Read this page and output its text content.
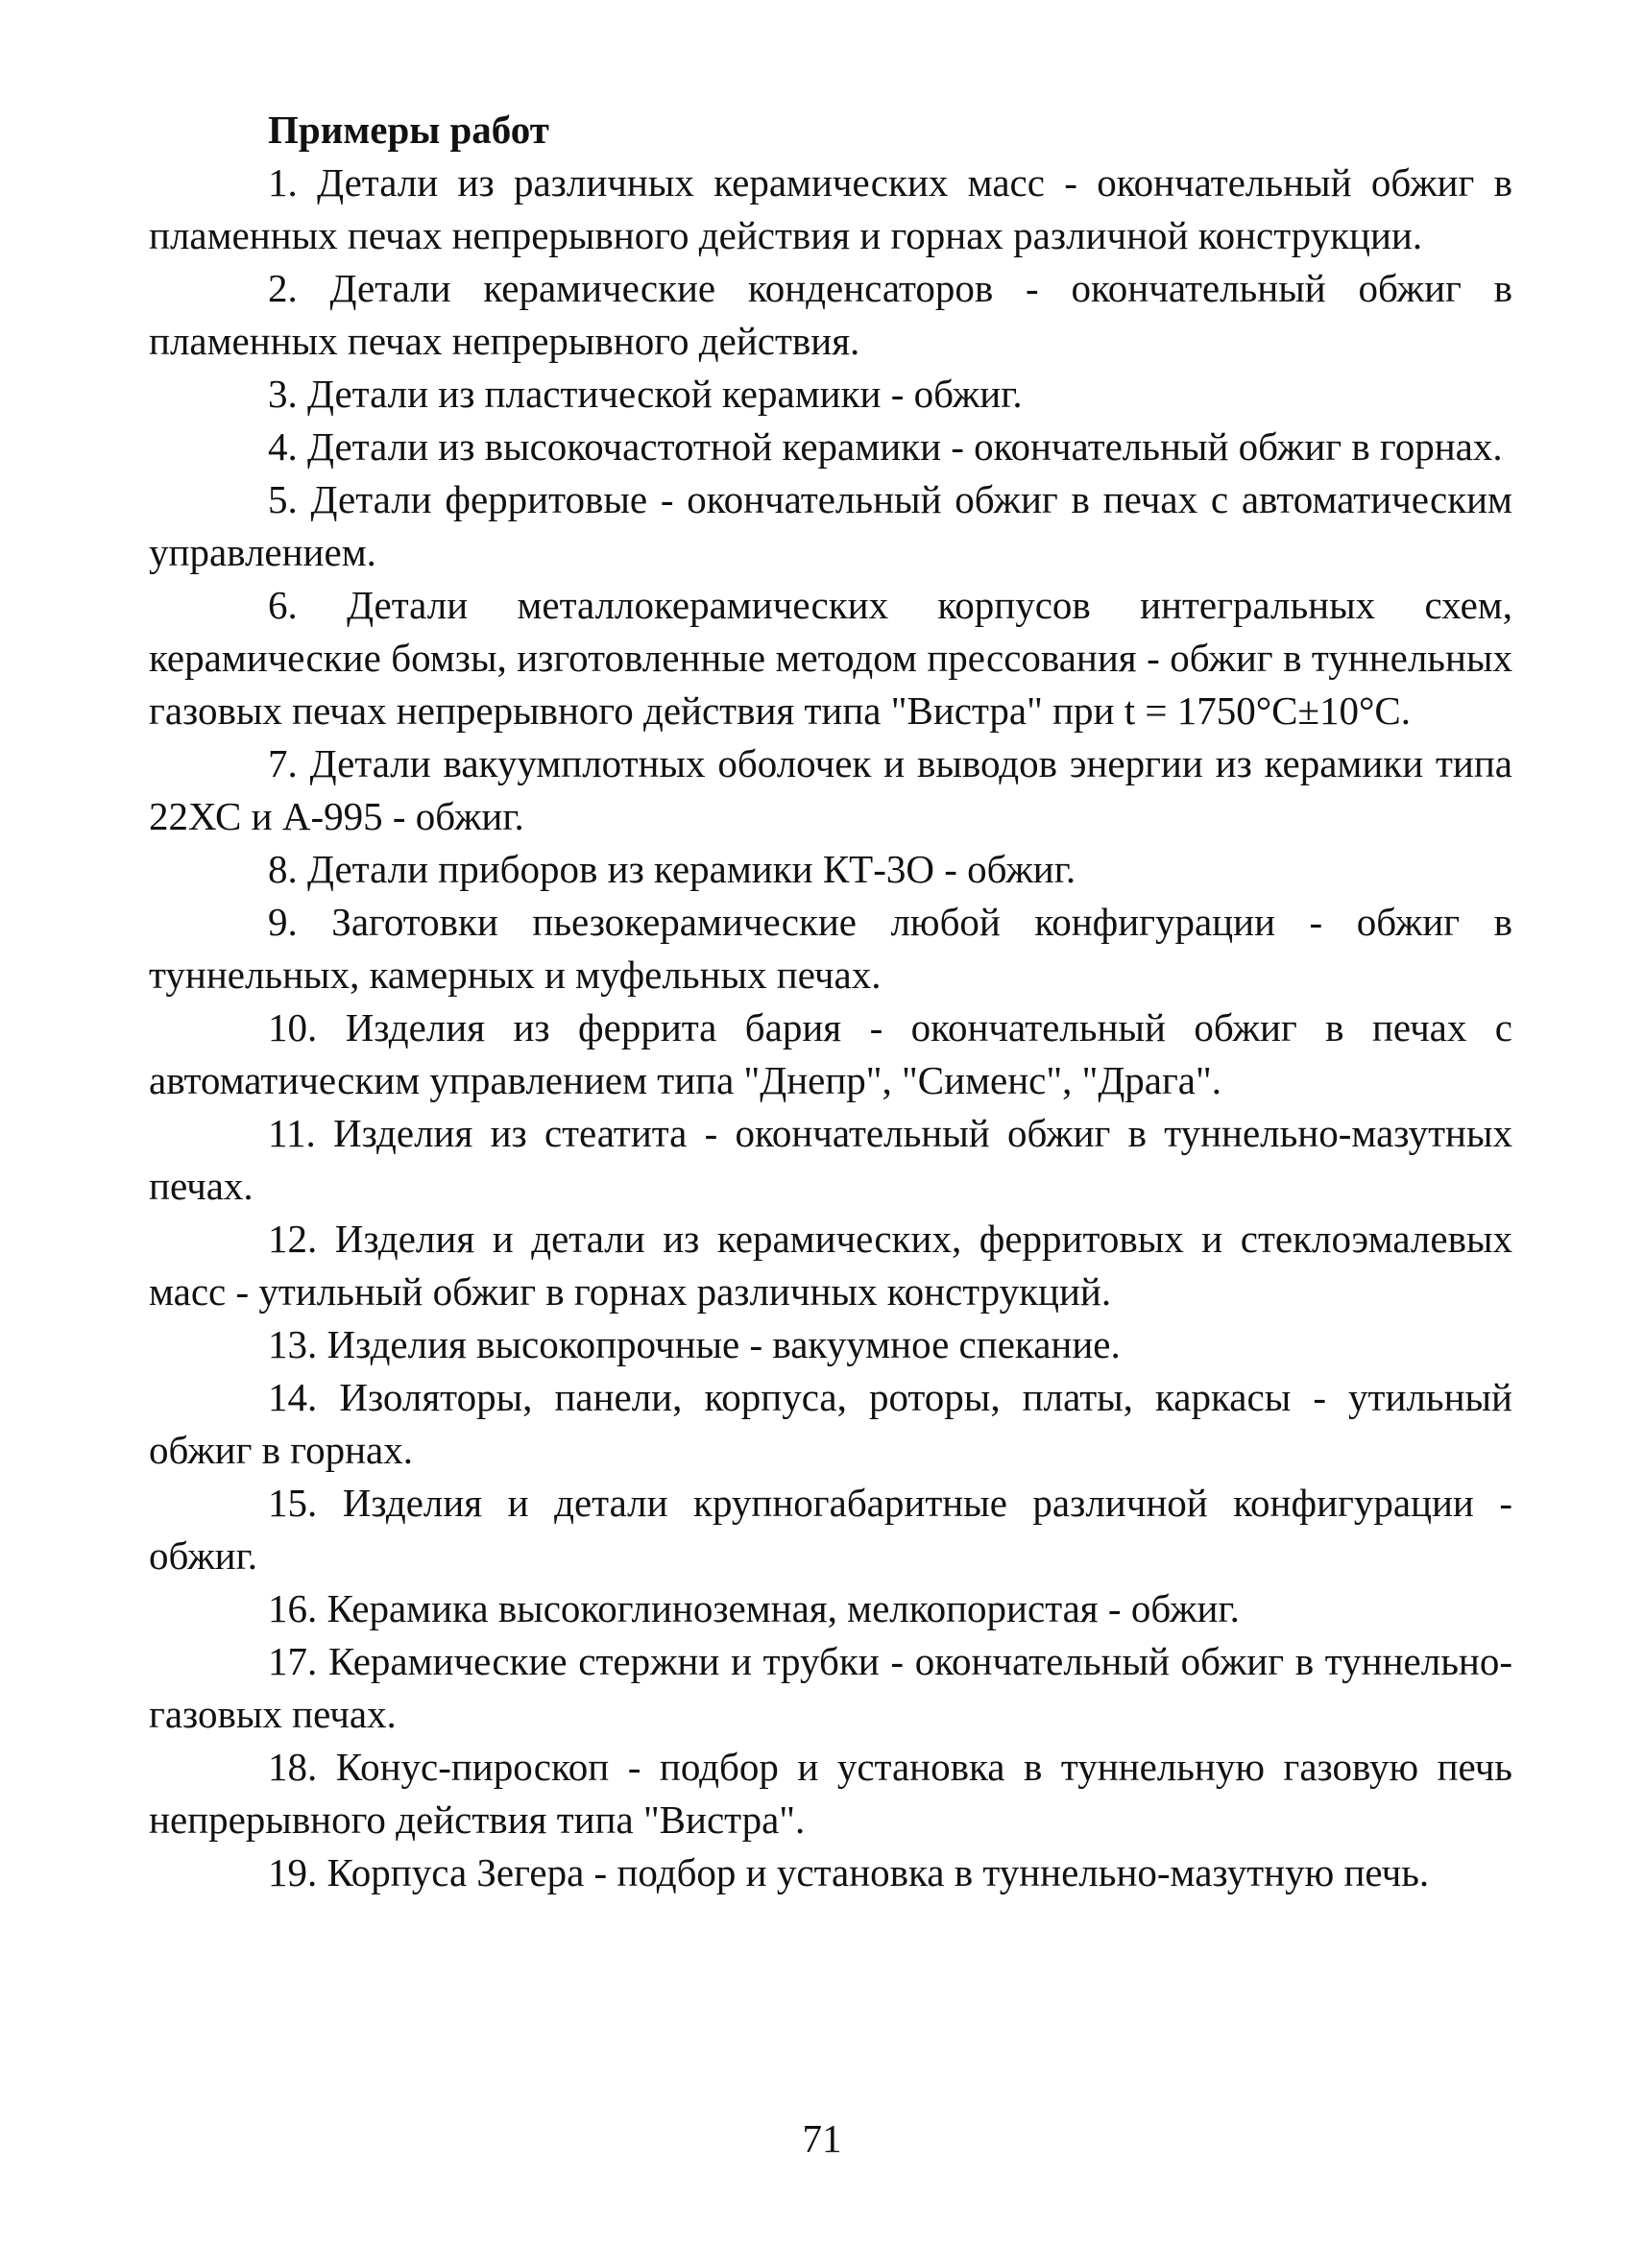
Примеры работ

1. Детали из различных керамических масс - окончательный обжиг в пламенных печах непрерывного действия и горнах различной конструкции.

2. Детали керамические конденсаторов - окончательный обжиг в пламенных печах непрерывного действия.

3. Детали из пластической керамики - обжиг.

4. Детали из высокочастотной керамики - окончательный обжиг в горнах.

5. Детали ферритовые - окончательный обжиг в печах с автоматическим управлением.

6. Детали металлокерамических корпусов интегральных схем, керамические бомзы, изготовленные методом прессования - обжиг в туннельных газовых печах непрерывного действия типа "Вистра" при t = 1750°C±10°C.

7. Детали вакуумплотных оболочек и выводов энергии из керамики типа 22ХС и А-995 - обжиг.

8. Детали приборов из керамики КТ-3О - обжиг.

9. Заготовки пьезокерамические любой конфигурации - обжиг в туннельных, камерных и муфельных печах.

10. Изделия из феррита бария - окончательный обжиг в печах с автоматическим управлением типа "Днепр", "Сименс", "Драга".

11. Изделия из стеатита - окончательный обжиг в туннельно-мазутных печах.

12. Изделия и детали из керамических, ферритовых и стеклоэмалевых масс - утильный обжиг в горнах различных конструкций.

13. Изделия высокопрочные - вакуумное спекание.

14. Изоляторы, панели, корпуса, роторы, платы, каркасы - утильный обжиг в горнах.

15. Изделия и детали крупногабаритные различной конфигурации - обжиг.

16. Керамика высокоглиноземная, мелкопористая - обжиг.

17. Керамические стержни и трубки - окончательный обжиг в туннельно-газовых печах.

18. Конус-пироскоп - подбор и установка в туннельную газовую печь непрерывного действия типа "Вистра".

19. Корпуса Зегера - подбор и установка в туннельно-мазутную печь.

71
